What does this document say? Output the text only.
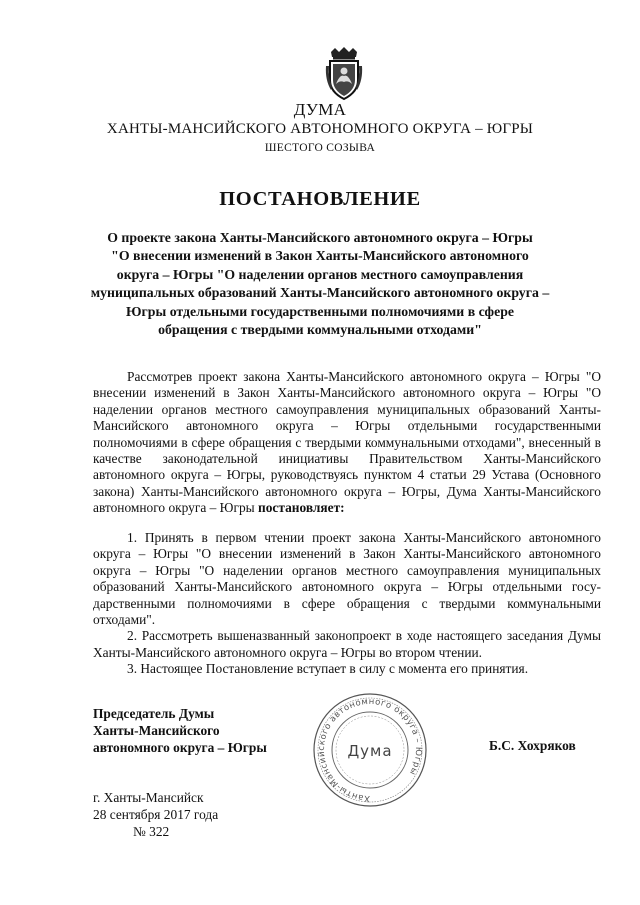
ДУМА
ХАНТЫ-МАНСИЙСКОГО АВТОНОМНОГО ОКРУГА – ЮГРЫ
ШЕСТОГО СОЗЫВА
ПОСТАНОВЛЕНИЕ
О проекте закона Ханты-Мансийского автономного округа – Югры
"О внесении изменений в Закон Ханты-Мансийского автономного
округа – Югры "О наделении органов местного самоуправления
муниципальных образований Ханты-Мансийского автономного округа –
Югры отдельными государственными полномочиями в сфере
обращения с твердыми коммунальными отходами"
Рассмотрев проект закона Ханты-Мансийского автономного округа – Югры "О внесении изменений в Закон Ханты-Мансийского автономного округа – Югры "О наделении органов местного самоуправления муниципальных образований Ханты-Мансийского автономного округа – Югры отдельными государственными полномочиями в сфере обращения с твердыми коммунальными отходами", внесенный в качестве законодательной инициативы Правительством Ханты-Мансийского автономного округа – Югры, руководствуясь пунктом 4 статьи 29 Устава (Основного закона) Ханты-Мансийского автономного округа – Югры, Дума Ханты-Мансийского автономного округа – Югры постановляет:
1. Принять в первом чтении проект закона Ханты-Мансийского автономного округа – Югры "О внесении изменений в Закон Ханты-Мансийского автономного округа – Югры "О наделении органов местного самоуправления муниципальных образований Ханты-Мансийского автономного округа – Югры отдельными государственными полномочиями в сфере обращения с твердыми коммунальными отходами".
2. Рассмотреть вышеназванный законопроект в ходе настоящего заседания Думы Ханты-Мансийского автономного округа – Югры во втором чтении.
3. Настоящее Постановление вступает в силу с момента его принятия.
Председатель Думы
Ханты-Мансийского
автономного округа – Югры
Ханты-Мансийского автономного округа – Югры
Дума	Б.С. Хохряков
г. Ханты-Мансийск
28 сентября 2017 года
№ 322
